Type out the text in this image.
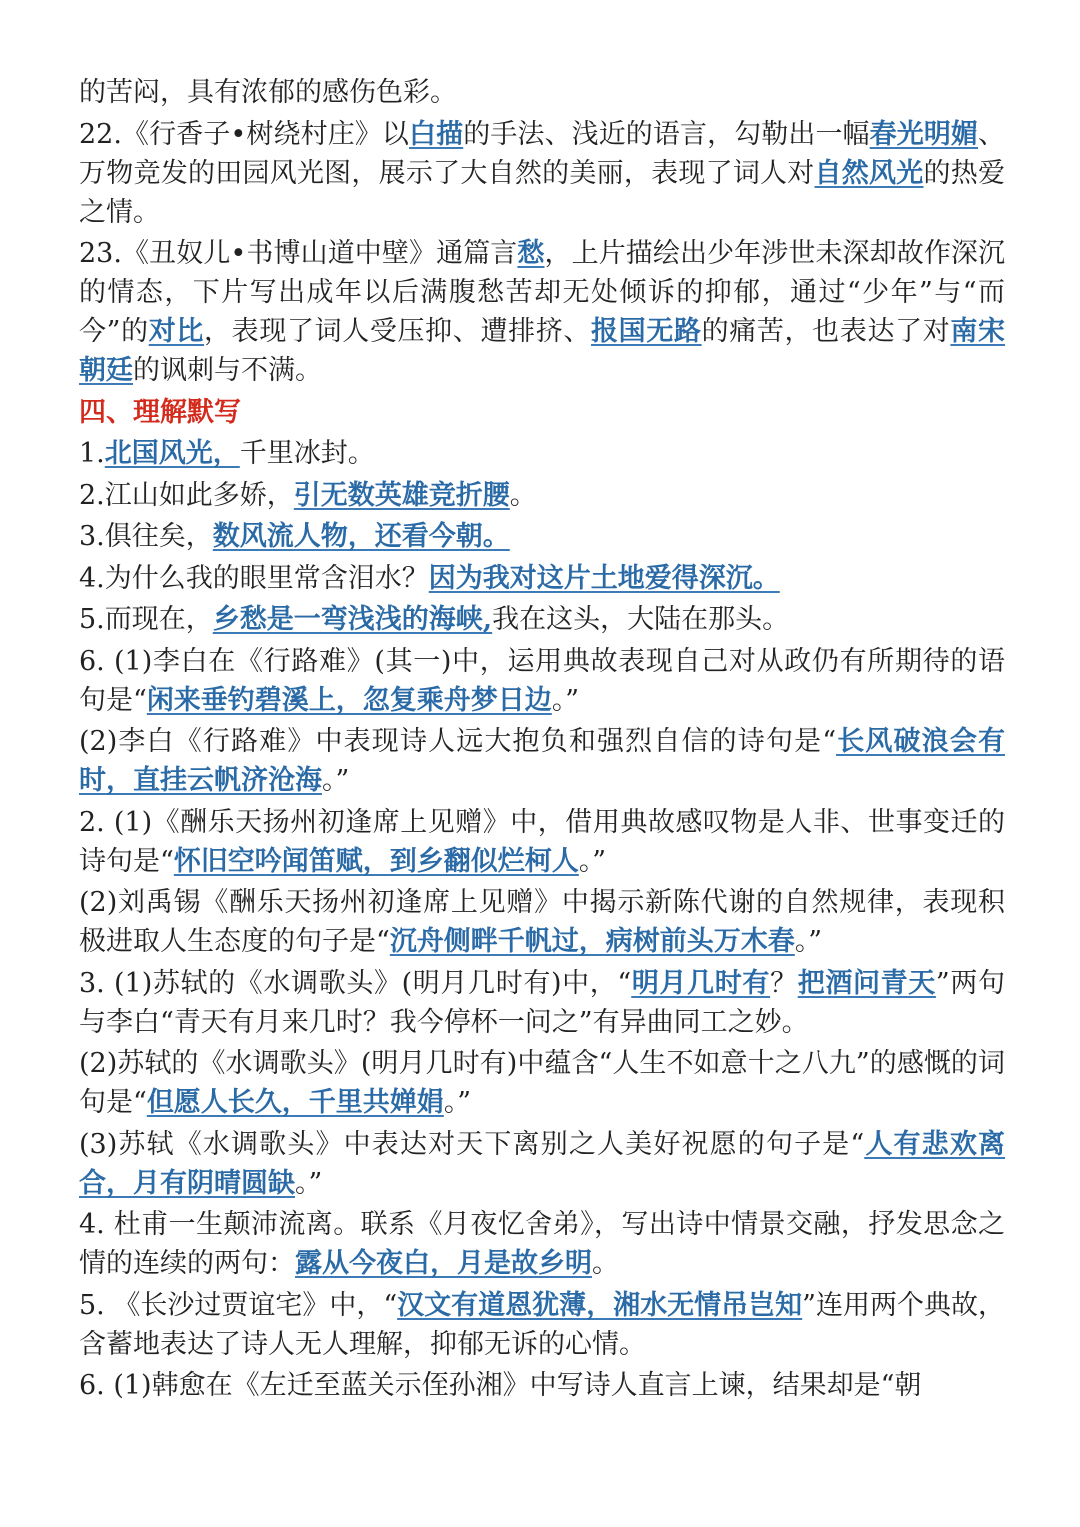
的苦闷，具有浓郁的感伤色彩。
22.《行香子•树绕村庄》以白描的手法、浅近的语言，勾勒出一幅春光明媚、万物竞发的田园风光图，展示了大自然的美丽，表现了词人对自然风光的热爱之情。
23.《丑奴儿•书博山道中壁》通篇言愁，上片描绘出少年涉世未深却故作深沉的情态，下片写出成年以后满腹愁苦却无处倾诉的抑郁，通过“少年”与“而今”的对比，表现了词人受压抑、遭排挤、报国无路的痛苦，也表达了对南宋朝廷的讽刺与不满。
四、理解默写
1.北国风光，千里冰封。
2.江山如此多娇，引无数英雄竞折腰。
3.俱往矣，数风流人物，还看今朝。
4.为什么我的眼里常含泪水？因为我对这片土地爱得深沉。
5.而现在，乡愁是一弯浅浅的海峡,我在这头，大陆在那头。
6. (1)李白在《行路难》(其一)中，运用典故表现自己对从政仍有所期待的语句是“闲来垂钓碧溪上，忽复乘舟梦日边。”
(2)李白《行路难》中表现诗人远大抱负和强烈自信的诗句是“长风破浪会有时，直挂云帆济沧海。”
2. (1)《酬乐天扬州初逢席上见赠》中，借用典故感叹物是人非、世事变迁的诗句是“怀旧空吟闻笛赋，到乡翻似烂柯人。”
(2)刘禹锡《酬乐天扬州初逢席上见赠》中揭示新陈代谢的自然规律，表现积极进取人生态度的句子是“沉舟侧畔千帆过，病树前头万木春。”
3. (1)苏轼的《水调歌头》(明月几时有)中，“明月几时有？把酒问青天”两句与李白“青天有月来几时？我今停杯一问之”有异曲同工之妙。
(2)苏轼的《水调歌头》(明月几时有)中蕴含“人生不如意十之八九”的感慨的词句是“但愿人长久，千里共婵娟。”
(3)苏轼《水调歌头》中表达对天下离别之人美好祝愿的句子是“人有悲欢离合，月有阴晴圆缺。”
4. 杜甫一生颠沛流离。联系《月夜忆舍弟》，写出诗中情景交融，抒发思念之情的连续的两句：露从今夜白，月是故乡明。
5. 《长沙过贾谊宅》中，“汉文有道恩犹薄，湘水无情吊岂知”连用两个典故，含蓄地表达了诗人无人理解，抑郁无诉的心情。
6. (1)韩愈在《左迁至蓝关示侄孙湘》中写诗人直言上谏，结果却是“朝
